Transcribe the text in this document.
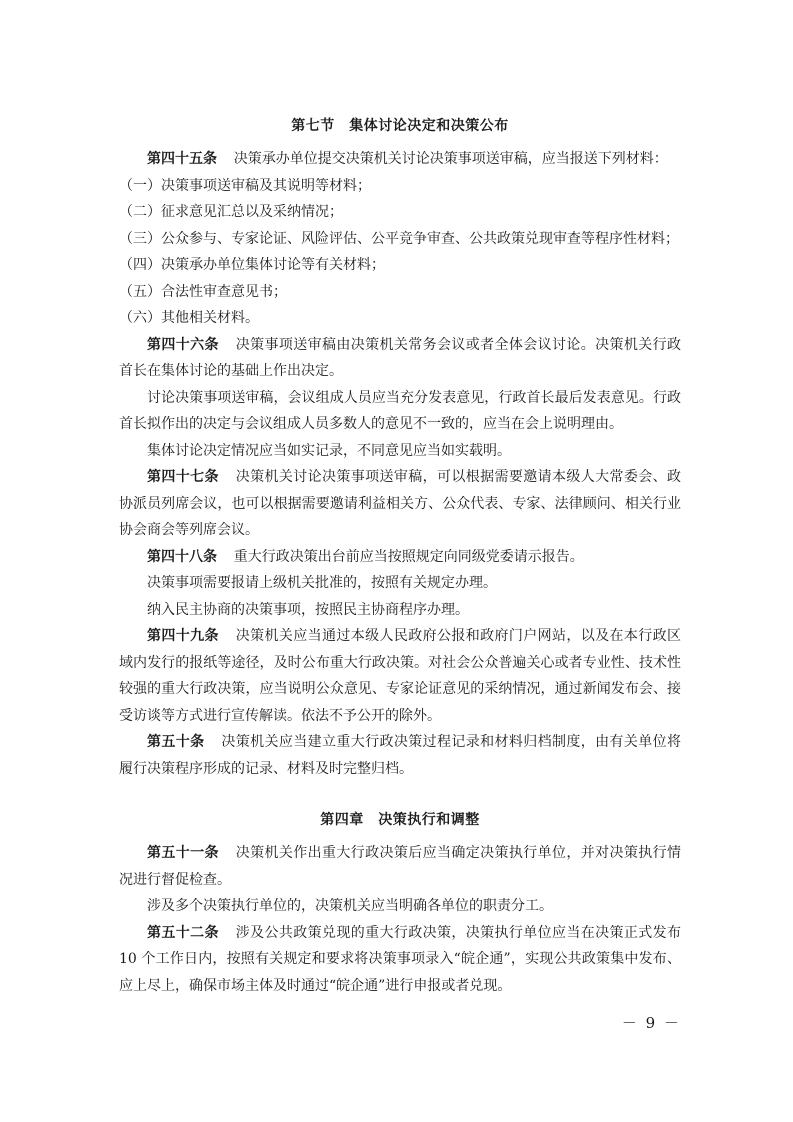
第七节　集体讨论决定和决策公布

第四十五条 决策承办单位提交决策机关讨论决策事项送审稿，应当报送下列材料：

（一）决策事项送审稿及其说明等材料；

（二）征求意见汇总以及采纳情况；

（三）公众参与、专家论证、风险评估、公平竞争审查、公共政策兑现审查等程序性材料；

（四）决策承办单位集体讨论等有关材料；

（五）合法性审查意见书；

（六）其他相关材料。

第四十六条 决策事项送审稿由决策机关常务会议或者全体会议讨论。决策机关行政首长在集体讨论的基础上作出决定。

讨论决策事项送审稿，会议组成人员应当充分发表意见，行政首长最后发表意见。行政首长拟作出的决定与会议组成人员多数人的意见不一致的，应当在会上说明理由。

集体讨论决定情况应当如实记录，不同意见应当如实载明。

第四十七条 决策机关讨论决策事项送审稿，可以根据需要邀请本级人大常委会、政协派员列席会议，也可以根据需要邀请利益相关方、公众代表、专家、法律顾问、相关行业协会商会等列席会议。

第四十八条 重大行政决策出台前应当按照规定向同级党委请示报告。

决策事项需要报请上级机关批准的，按照有关规定办理。

纳入民主协商的决策事项，按照民主协商程序办理。

第四十九条 决策机关应当通过本级人民政府公报和政府门户网站，以及在本行政区域内发行的报纸等途径，及时公布重大行政决策。对社会公众普遍关心或者专业性、技术性较强的重大行政决策，应当说明公众意见、专家论证意见的采纳情况，通过新闻发布会、接受访谈等方式进行宣传解读。依法不予公开的除外。

第五十条 决策机关应当建立重大行政决策过程记录和材料归档制度，由有关单位将履行决策程序形成的记录、材料及时完整归档。

第四章　决策执行和调整

第五十一条 决策机关作出重大行政决策后应当确定决策执行单位，并对决策执行情况进行督促检查。

涉及多个决策执行单位的，决策机关应当明确各单位的职责分工。

第五十二条 涉及公共政策兑现的重大行政决策，决策执行单位应当在决策正式发布 10 个工作日内，按照有关规定和要求将决策事项录入“皖企通”，实现公共政策集中发布、应上尽上，确保市场主体及时通过“皖企通”进行申报或者兑现。

－ 9 －
